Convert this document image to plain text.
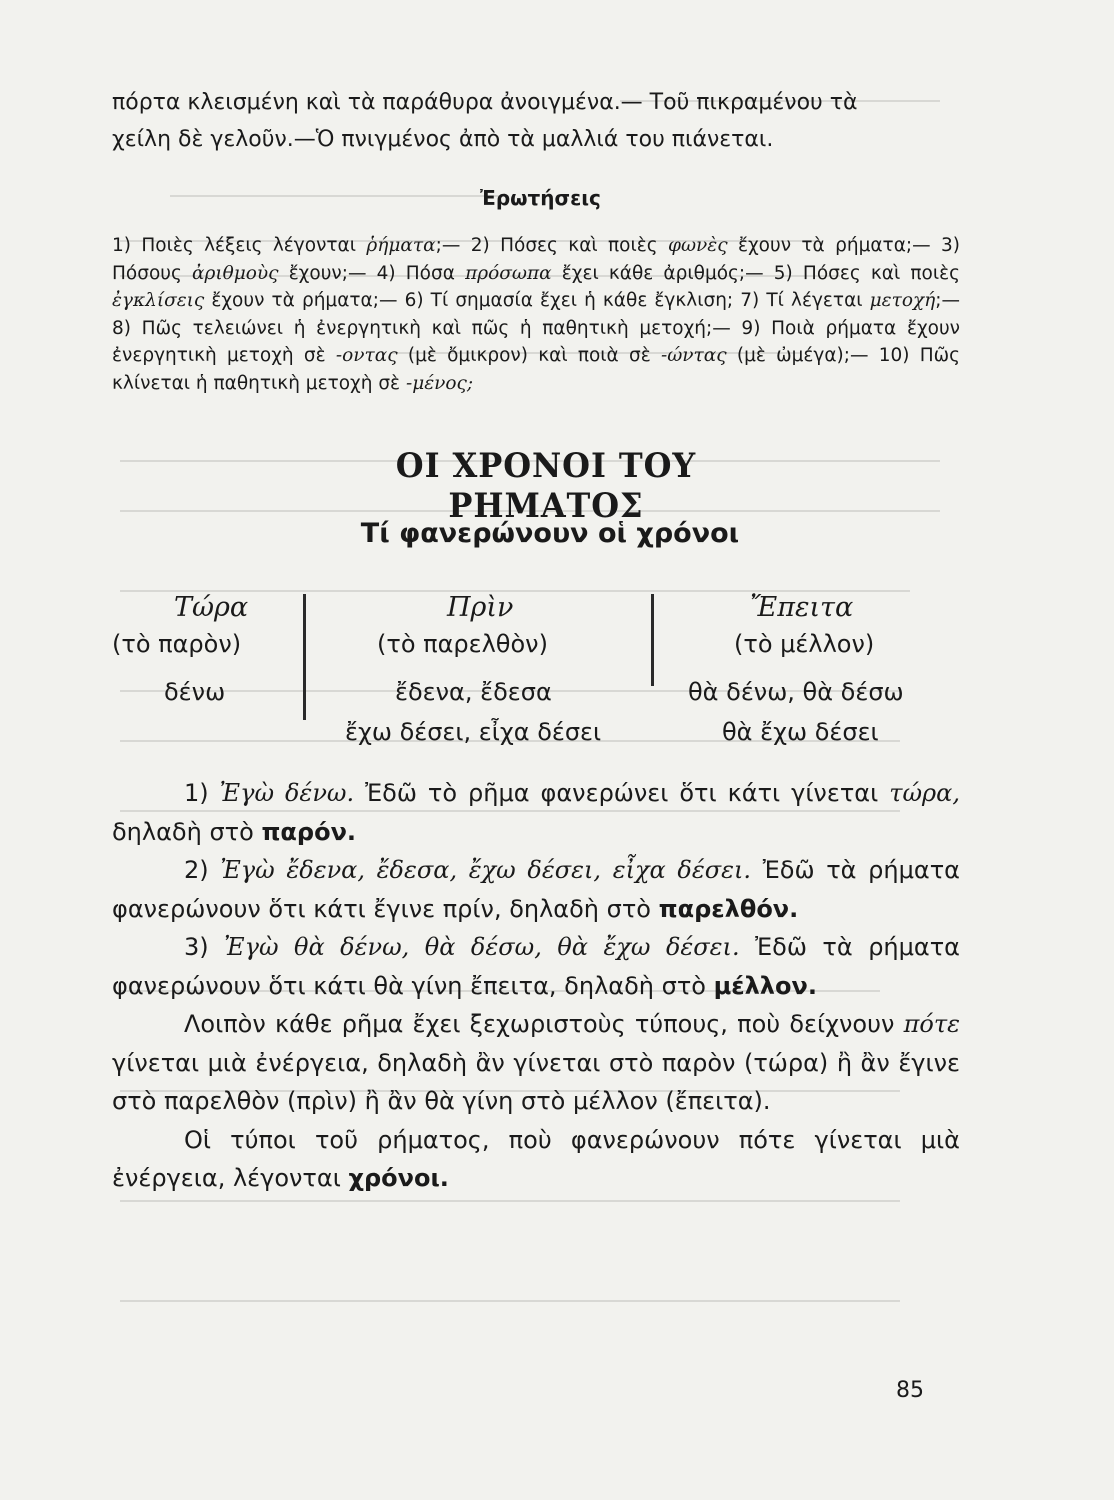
πόρτα κλεισμένη καὶ τὰ παράθυρα ἀνοιγμένα.— Τοῦ πικραμένου τὰ
χείλη δὲ γελοῦν.—Ὁ πνιγμένος ἀπὸ τὰ μαλλιά του πιάνεται.
Ἐρωτήσεις
1) Ποιὲς λέξεις λέγονται ῥήματα;— 2) Πόσες καὶ ποιὲς φωνὲς ἔχουν τὰ ρήματα;— 3) Πόσους ἀριθμοὺς ἔχουν;— 4) Πόσα πρόσωπα ἔχει κάθε ἀριθμός;— 5) Πόσες καὶ ποιὲς ἐγκλίσεις ἔχουν τὰ ρήματα;— 6) Τί σημασία ἔχει ἡ κάθε ἔγκλιση; 7) Τί λέγεται μετοχή;— 8) Πῶς τελειώνει ἡ ἐνεργητικὴ καὶ πῶς ἡ παθητικὴ μετοχή;— 9) Ποιὰ ρήματα ἔχουν ἐνεργητικὴ μετοχὴ σὲ -οντας (μὲ ὄμικρον) καὶ ποιὰ σὲ -ώντας (μὲ ὠμέγα);— 10) Πῶς κλίνεται ἡ παθητικὴ μετοχὴ σὲ -μένος;
ΟΙ ΧΡΟΝΟΙ ΤΟΥ ΡΗΜΑΤΟΣ
Τί φανερώνουν οἱ χρόνοι
Τώρα
(τὸ παρὸν)
δένω
Πρὶν
(τὸ παρελθὸν)
ἔδενα, ἔδεσα
ἔχω δέσει, εἶχα δέσει
Ἔπειτα
(τὸ μέλλον)
θὰ δένω, θὰ δέσω
θὰ ἔχω δέσει

1) Ἐγὼ δένω. Ἐδῶ τὸ ρῆμα φανερώνει ὅτι κάτι γίνεται τώρα, δηλαδὴ στὸ παρόν.

2) Ἐγὼ ἔδενα, ἔδεσα, ἔχω δέσει, εἶχα δέσει. Ἐδῶ τὰ ρήματα φανερώνουν ὅτι κάτι ἔγινε πρίν, δηλαδὴ στὸ παρελθόν.

3) Ἐγὼ θὰ δένω, θὰ δέσω, θὰ ἔχω δέσει. Ἐδῶ τὰ ρήματα φανερώνουν ὅτι κάτι θὰ γίνη ἔπειτα, δηλαδὴ στὸ μέλλον.

Λοιπὸν κάθε ρῆμα ἔχει ξεχωριστοὺς τύπους, ποὺ δείχνουν πότε γίνεται μιὰ ἐνέργεια, δηλαδὴ ἂν γίνεται στὸ παρὸν (τώρα) ἢ ἂν ἔγινε στὸ παρελθὸν (πρὶν) ἢ ἂν θὰ γίνη στὸ μέλλον (ἔπειτα).

Οἱ τύποι τοῦ ρήματος, ποὺ φανερώνουν πότε γίνεται μιὰ ἐνέργεια, λέγονται χρόνοι.

85
